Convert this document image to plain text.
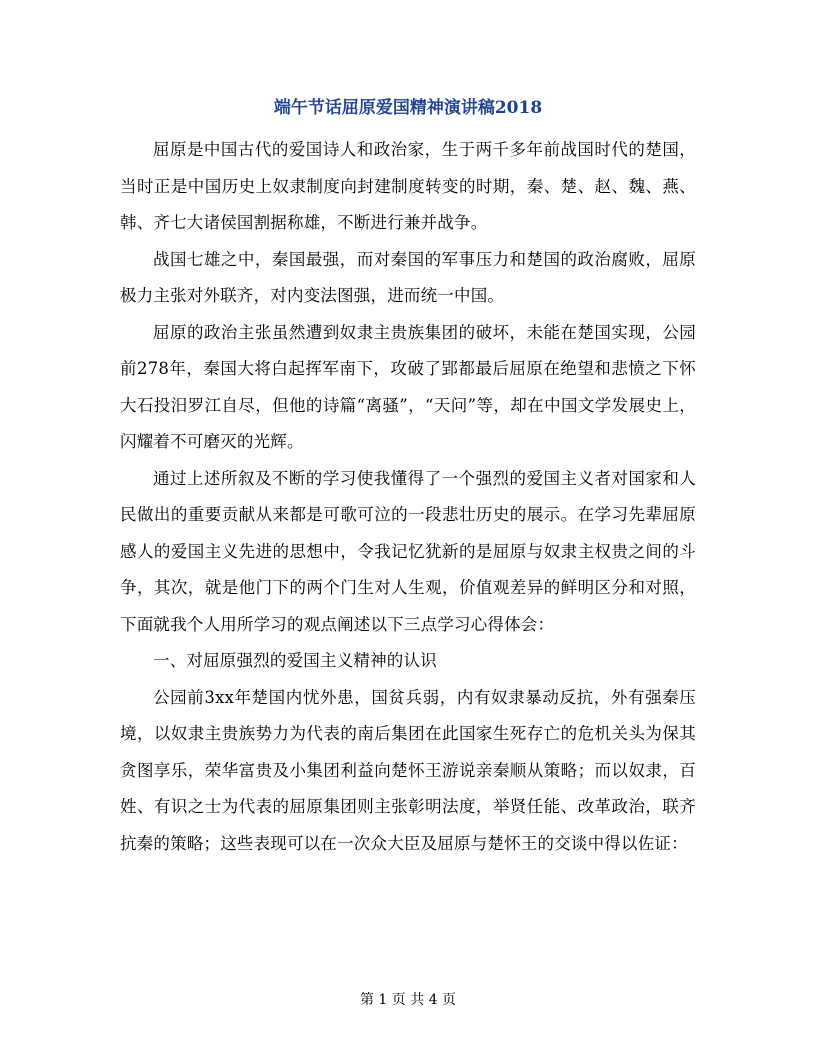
端午节话屈原爱国精神演讲稿2018

屈原是中国古代的爱国诗人和政治家，生于两千多年前战国时代的楚国，当时正是中国历史上奴隶制度向封建制度转变的时期，秦、楚、赵、魏、燕、韩、齐七大诸侯国割据称雄，不断进行兼并战争。

战国七雄之中，秦国最强，而对秦国的军事压力和楚国的政治腐败，屈原极力主张对外联齐，对内变法图强，进而统一中国。

屈原的政治主张虽然遭到奴隶主贵族集团的破坏，未能在楚国实现，公园前278年，秦国大将白起挥军南下，攻破了郢都最后屈原在绝望和悲愤之下怀大石投汨罗江自尽，但他的诗篇“离骚”，“天问”等，却在中国文学发展史上，闪耀着不可磨灭的光辉。

通过上述所叙及不断的学习使我懂得了一个强烈的爱国主义者对国家和人民做出的重要贡献从来都是可歌可泣的一段悲壮历史的展示。在学习先辈屈原感人的爱国主义先进的思想中，令我记忆犹新的是屈原与奴隶主权贵之间的斗争，其次，就是他门下的两个门生对人生观，价值观差异的鲜明区分和对照，下面就我个人用所学习的观点阐述以下三点学习心得体会：

一、对屈原强烈的爱国主义精神的认识

公园前3xx年楚国内忧外患，国贫兵弱，内有奴隶暴动反抗，外有强秦压境，以奴隶主贵族势力为代表的南后集团在此国家生死存亡的危机关头为保其贪图享乐，荣华富贵及小集团利益向楚怀王游说亲秦顺从策略；而以奴隶，百姓、有识之士为代表的屈原集团则主张彰明法度，举贤任能、改革政治，联齐抗秦的策略；这些表现可以在一次众大臣及屈原与楚怀王的交谈中得以佐证：

第 1 页 共 4 页
